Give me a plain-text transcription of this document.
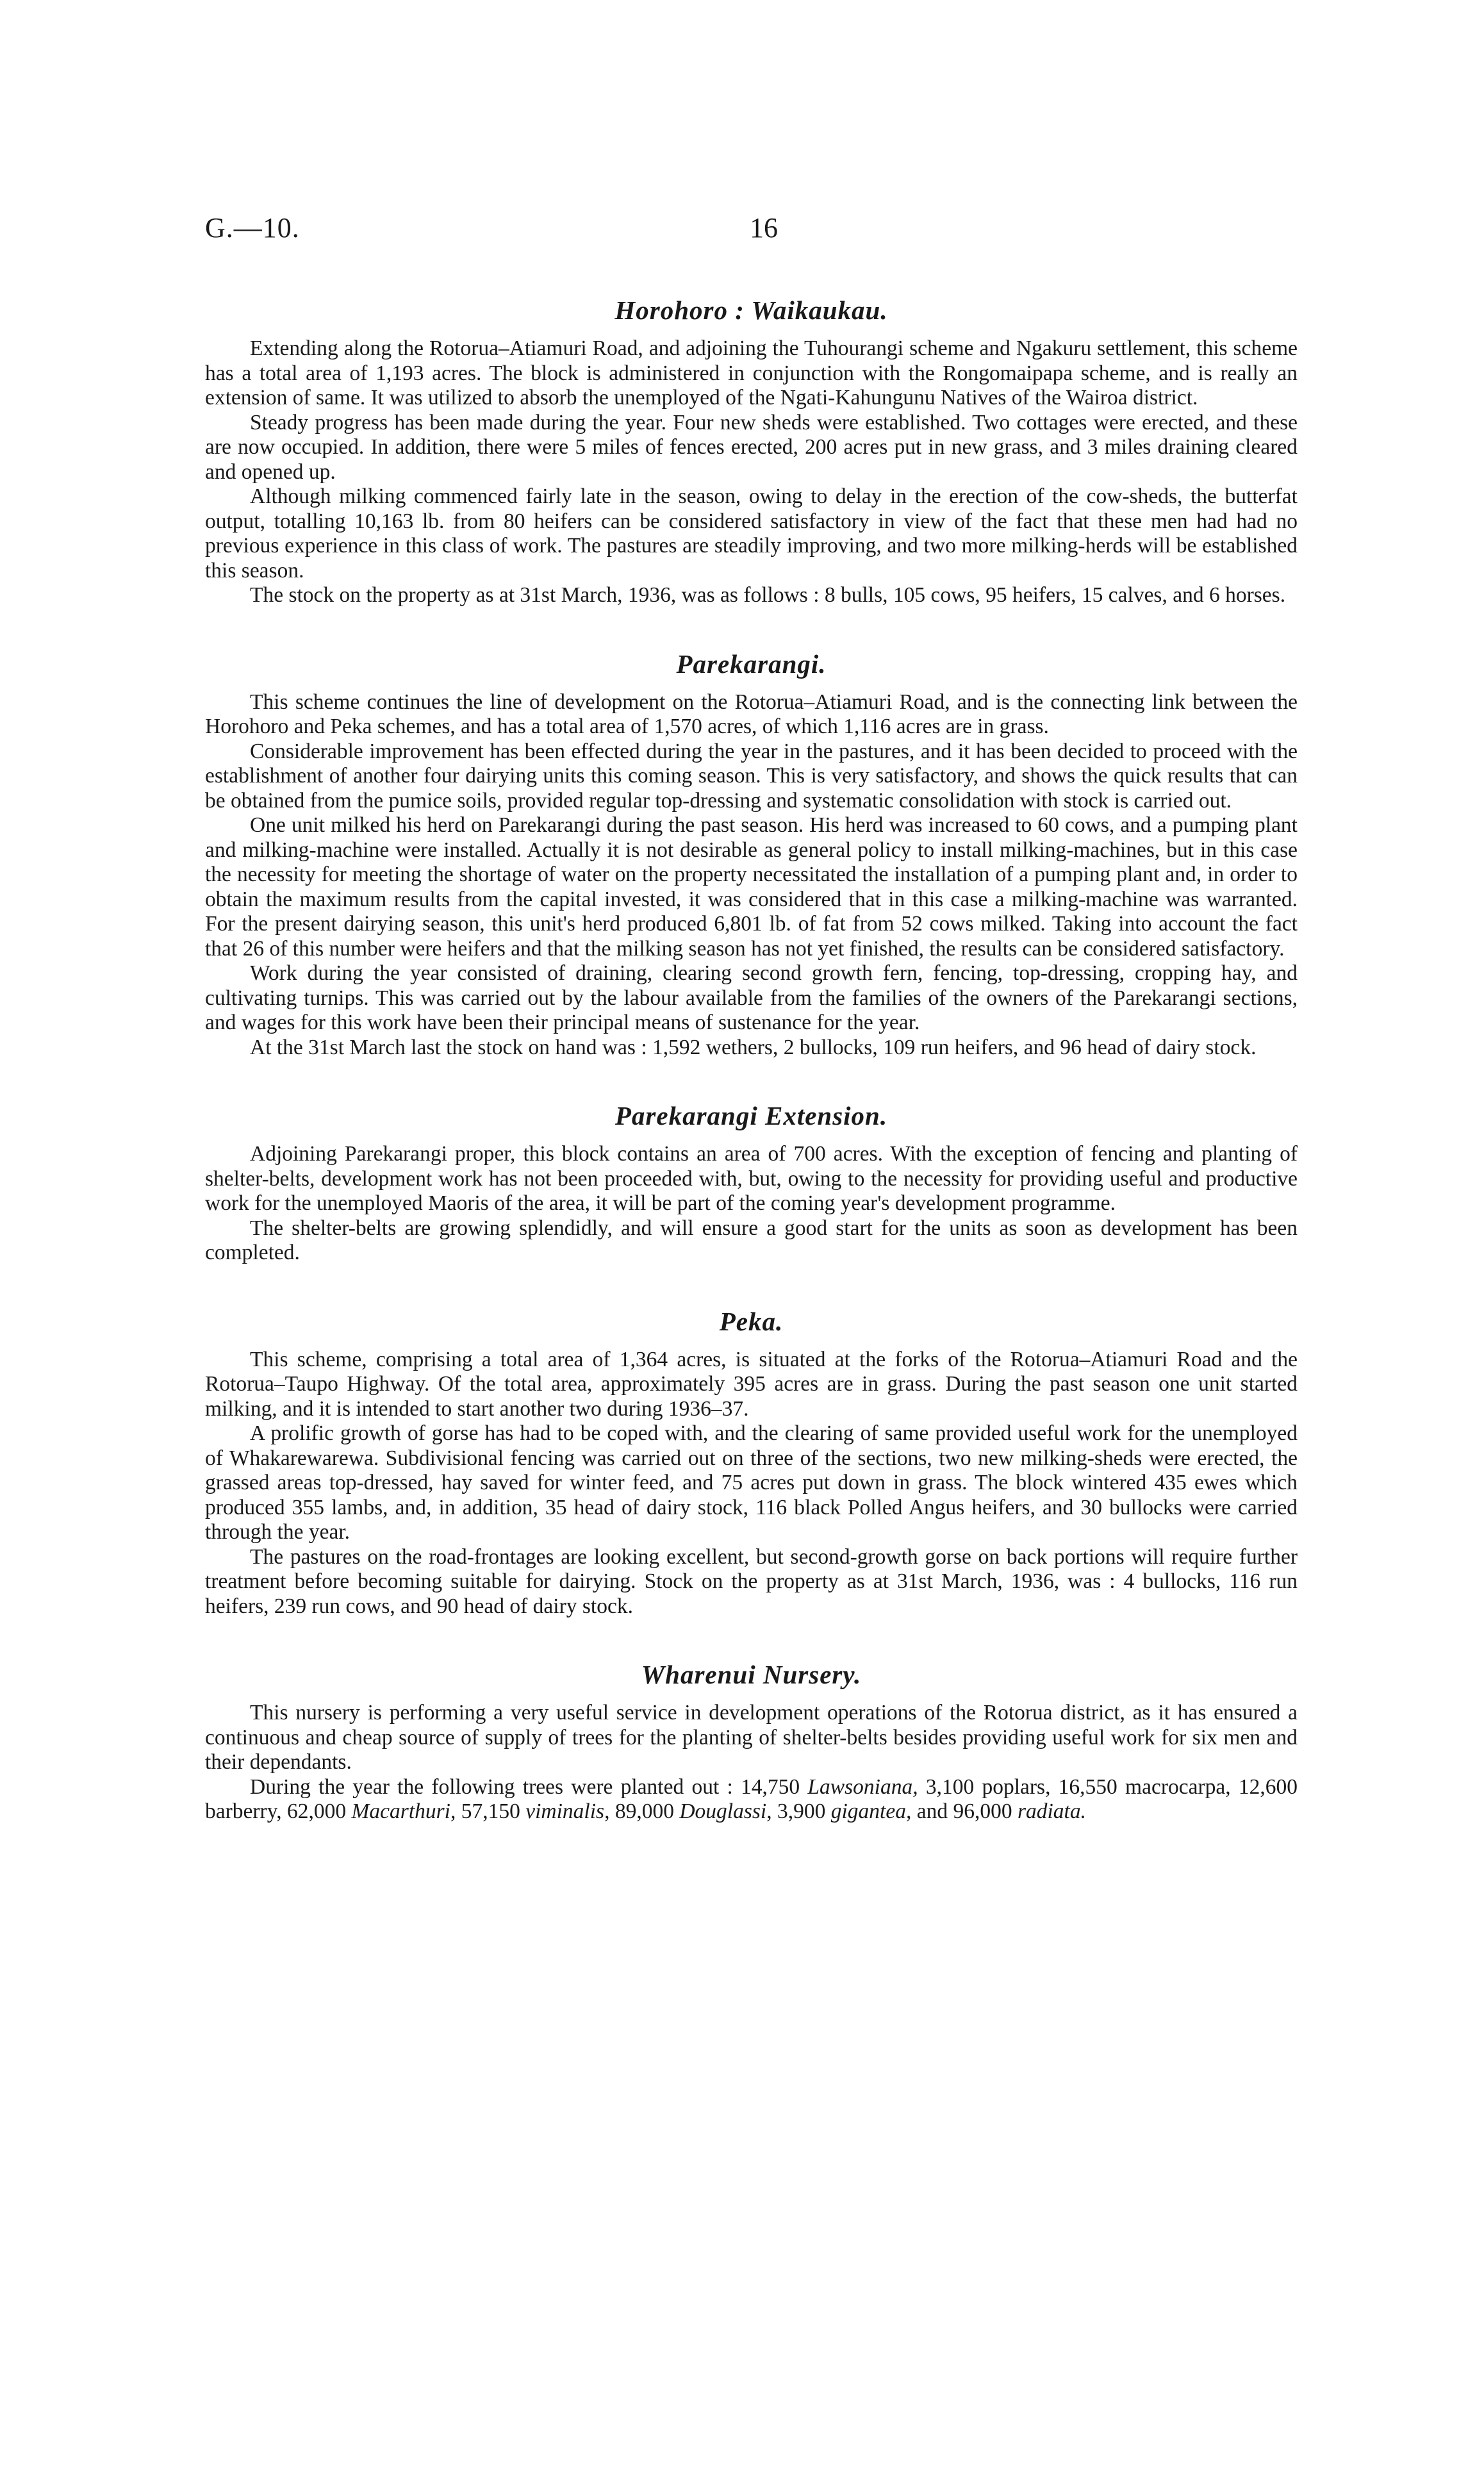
G.—10.	16
Horohoro : Waikaukau.

Extending along the Rotorua–Atiamuri Road, and adjoining the Tuhourangi scheme and Ngakuru settlement, this scheme has a total area of 1,193 acres. The block is administered in conjunction with the Rongomaipapa scheme, and is really an extension of same. It was utilized to absorb the unemployed of the Ngati-Kahungunu Natives of the Wairoa district.

Steady progress has been made during the year. Four new sheds were established. Two cottages were erected, and these are now occupied. In addition, there were 5 miles of fences erected, 200 acres put in new grass, and 3 miles draining cleared and opened up.

Although milking commenced fairly late in the season, owing to delay in the erection of the cow-sheds, the butterfat output, totalling 10,163 lb. from 80 heifers can be considered satisfactory in view of the fact that these men had had no previous experience in this class of work. The pastures are steadily improving, and two more milking-herds will be established this season.

The stock on the property as at 31st March, 1936, was as follows : 8 bulls, 105 cows, 95 heifers, 15 calves, and 6 horses.

Parekarangi.

This scheme continues the line of development on the Rotorua–Atiamuri Road, and is the connecting link between the Horohoro and Peka schemes, and has a total area of 1,570 acres, of which 1,116 acres are in grass.

Considerable improvement has been effected during the year in the pastures, and it has been decided to proceed with the establishment of another four dairying units this coming season. This is very satisfactory, and shows the quick results that can be obtained from the pumice soils, provided regular top-dressing and systematic consolidation with stock is carried out.

One unit milked his herd on Parekarangi during the past season. His herd was increased to 60 cows, and a pumping plant and milking-machine were installed. Actually it is not desirable as general policy to install milking-machines, but in this case the necessity for meeting the shortage of water on the property necessitated the installation of a pumping plant and, in order to obtain the maximum results from the capital invested, it was considered that in this case a milking-machine was warranted. For the present dairying season, this unit's herd produced 6,801 lb. of fat from 52 cows milked. Taking into account the fact that 26 of this number were heifers and that the milking season has not yet finished, the results can be considered satisfactory.

Work during the year consisted of draining, clearing second growth fern, fencing, top-dressing, cropping hay, and cultivating turnips. This was carried out by the labour available from the families of the owners of the Parekarangi sections, and wages for this work have been their principal means of sustenance for the year.

At the 31st March last the stock on hand was : 1,592 wethers, 2 bullocks, 109 run heifers, and 96 head of dairy stock.

Parekarangi Extension.

Adjoining Parekarangi proper, this block contains an area of 700 acres. With the exception of fencing and planting of shelter-belts, development work has not been proceeded with, but, owing to the necessity for providing useful and productive work for the unemployed Maoris of the area, it will be part of the coming year's development programme.

The shelter-belts are growing splendidly, and will ensure a good start for the units as soon as development has been completed.

Peka.

This scheme, comprising a total area of 1,364 acres, is situated at the forks of the Rotorua–Atiamuri Road and the Rotorua–Taupo Highway. Of the total area, approximately 395 acres are in grass. During the past season one unit started milking, and it is intended to start another two during 1936–37.

A prolific growth of gorse has had to be coped with, and the clearing of same provided useful work for the unemployed of Whakarewarewa. Subdivisional fencing was carried out on three of the sections, two new milking-sheds were erected, the grassed areas top-dressed, hay saved for winter feed, and 75 acres put down in grass. The block wintered 435 ewes which produced 355 lambs, and, in addition, 35 head of dairy stock, 116 black Polled Angus heifers, and 30 bullocks were carried through the year.

The pastures on the road-frontages are looking excellent, but second-growth gorse on back portions will require further treatment before becoming suitable for dairying. Stock on the property as at 31st March, 1936, was : 4 bullocks, 116 run heifers, 239 run cows, and 90 head of dairy stock.

Wharenui Nursery.

This nursery is performing a very useful service in development operations of the Rotorua district, as it has ensured a continuous and cheap source of supply of trees for the planting of shelter-belts besides providing useful work for six men and their dependants.

During the year the following trees were planted out : 14,750 Lawsoniana, 3,100 poplars, 16,550 macrocarpa, 12,600 barberry, 62,000 Macarthuri, 57,150 viminalis, 89,000 Douglassi, 3,900 gigantea, and 96,000 radiata.
